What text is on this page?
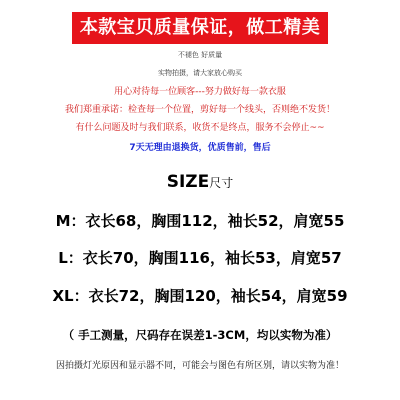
本款宝贝质量保证，做工精美
不褪色 好质量
实物拍摄，请大家放心购买
用心对待每一位顾客---努力做好每一款衣服
我们郑重承诺：检查每一个位置，剪好每一个线头，否则绝不发货！
有什么问题及时与我们联系，收货不是终点，服务不会停止~~
7天无理由退换货，优质售前，售后
SIZE尺寸
M：衣长68，胸围112，袖长52，肩宽55
L：衣长70，胸围116，袖长53，肩宽57
XL：衣长72，胸围120，袖长54，肩宽59
（ 手工测量，尺码存在误差1-3CM，均以实物为准）
因拍摄灯光原因和显示器不同，可能会与图色有所区别，请以实物为准！
